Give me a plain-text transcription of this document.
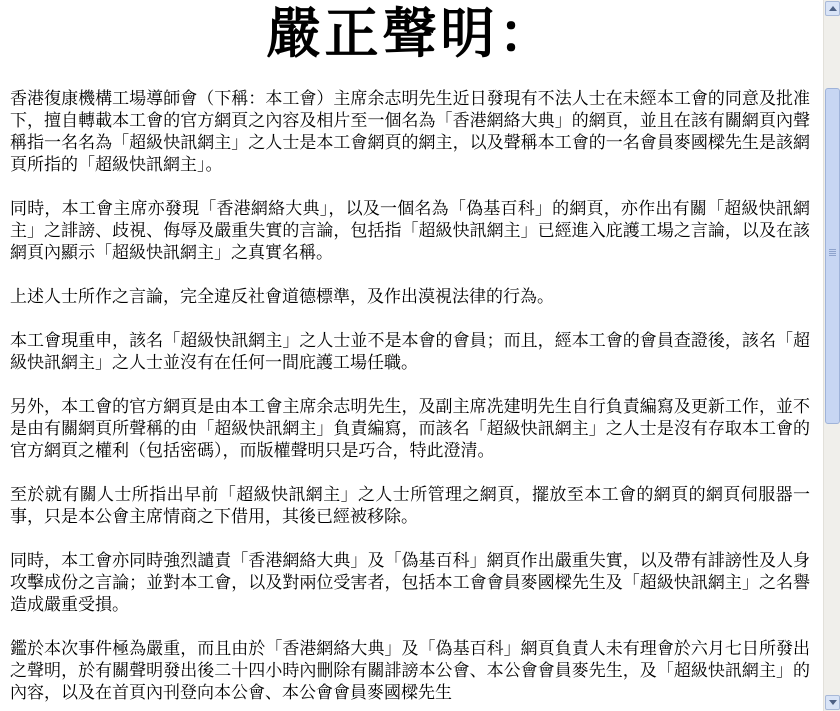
嚴正聲明：

香港復康機構工場導師會（下稱：本工會）主席余志明先生近日發現有不法人士在未經本工會的同意及批准下，擅自轉載本工會的官方網頁之內容及相片至一個名為「香港網絡大典」的網頁，並且在該有關網頁內聲稱指一名名為「超級快訊網主」之人士是本工會網頁的網主，以及聲稱本工會的一名會員麥國樑先生是該網頁所指的「超級快訊網主」。

同時，本工會主席亦發現「香港網絡大典」，以及一個名為「偽基百科」的網頁，亦作出有關「超級快訊網主」之誹謗、歧視、侮辱及嚴重失實的言論，包括指「超級快訊網主」已經進入庇護工場之言論，以及在該網頁內顯示「超級快訊網主」之真實名稱。

上述人士所作之言論，完全違反社會道德標準，及作出漠視法律的行為。

本工會現重申，該名「超級快訊網主」之人士並不是本會的會員；而且，經本工會的會員查證後，該名「超級快訊網主」之人士並沒有在任何一間庇護工場任職。

另外，本工會的官方網頁是由本工會主席余志明先生，及副主席冼建明先生自行負責編寫及更新工作，並不是由有關網頁所聲稱的由「超級快訊網主」負責編寫，而該名「超級快訊網主」之人士是沒有存取本工會的官方網頁之權利（包括密碼），而版權聲明只是巧合，特此澄清。

至於就有關人士所指出早前「超級快訊網主」之人士所管理之網頁，擺放至本工會的網頁的網頁伺服器一事，只是本公會主席情商之下借用，其後已經被移除。

同時，本工會亦同時強烈譴責「香港網絡大典」及「偽基百科」網頁作出嚴重失實，以及帶有誹謗性及人身攻擊成份之言論；並對本工會，以及對兩位受害者，包括本工會會員麥國樑先生及「超級快訊網主」之名譽造成嚴重受損。

鑑於本次事件極為嚴重，而且由於「香港網絡大典」及「偽基百科」網頁負責人未有理會於六月七日所發出之聲明，於有關聲明發出後二十四小時內刪除有關誹謗本公會、本公會會員麥先生，及「超級快訊網主」的內容，以及在首頁內刊登向本公會、本公會會員麥國樑先生
